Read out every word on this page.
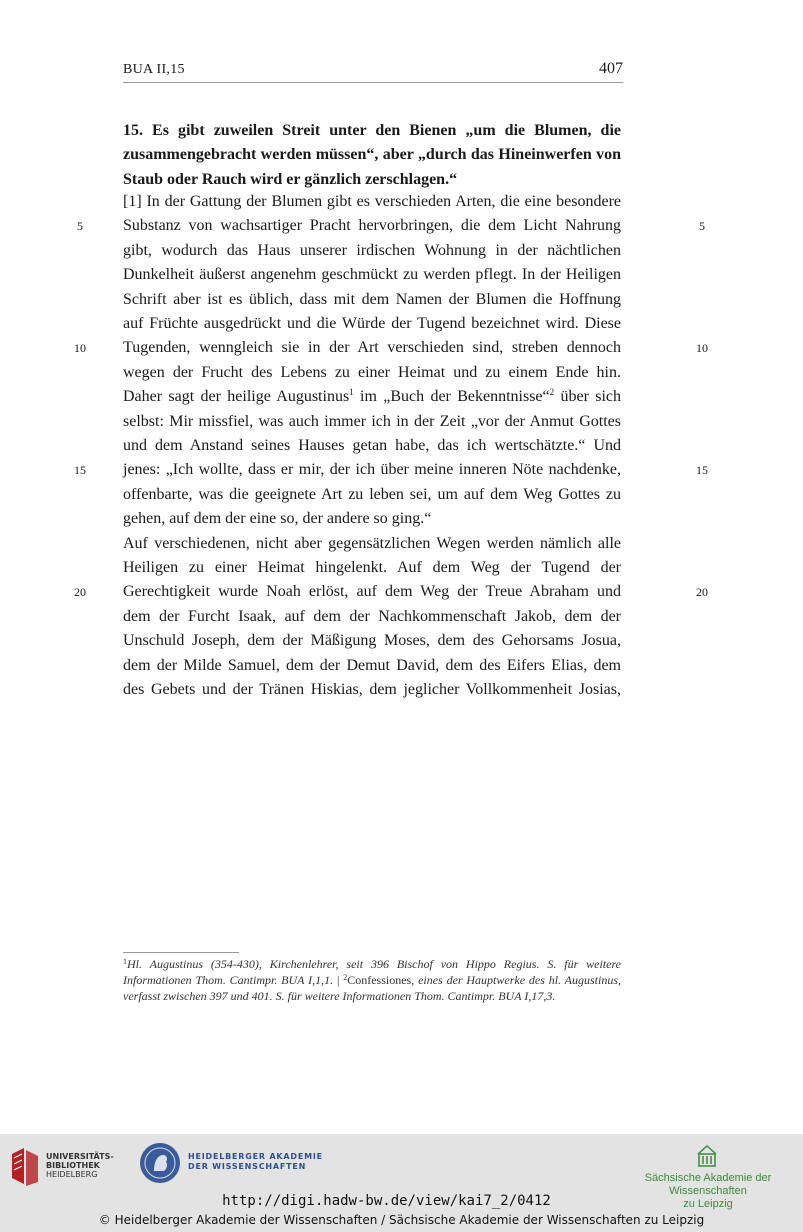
BUA II,15	407
15. Es gibt zuweilen Streit unter den Bienen „um die Blumen, die zusammengebracht werden müssen“, aber „durch das Hineinwerfen von Staub oder Rauch wird er gänzlich zerschlagen.“
[1] In der Gattung der Blumen gibt es verschieden Arten, die eine besondere
Substanz von wachsartiger Pracht hervorbringen, die dem Licht Nahrung
gibt, wodurch das Haus unserer irdischen Wohnung in der nächtlichen
Dunkelheit äußerst angenehm geschmückt zu werden pflegt. In der Heiligen
Schrift aber ist es üblich, dass mit dem Namen der Blumen die Hoffnung
auf Früchte ausgedrückt und die Würde der Tugend bezeichnet wird. Diese
Tugenden, wenngleich sie in der Art verschieden sind, streben dennoch
wegen der Frucht des Lebens zu einer Heimat und zu einem Ende hin.
Daher sagt der heilige Augustinus$^1$ im „Buch der Bekenntnisse“$^2$ über sich
selbst: Mir missfiel, was auch immer ich in der Zeit „vor der Anmut Gottes
und dem Anstand seines Hauses getan habe, das ich wertschätzte.“ Und
jenes: „Ich wollte, dass er mir, der ich über meine inneren Nöte nachdenke,
offenbarte, was die geeignete Art zu leben sei, um auf dem Weg Gottes zu
gehen, auf dem der eine so, der andere so ging.“
Auf verschiedenen, nicht aber gegensätzlichen Wegen werden nämlich alle
Heiligen zu einer Heimat hingelenkt. Auf dem Weg der Tugend der
Gerechtigkeit wurde Noah erlöst, auf dem Weg der Treue Abraham und
dem der Furcht Isaak, auf dem der Nachkommenschaft Jakob, dem der
Unschuld Joseph, dem der Mäßigung Moses, dem des Gehorsams Josua,
dem der Milde Samuel, dem der Demut David, dem des Eifers Elias, dem
des Gebets und der Tränen Hiskias, dem jeglicher Vollkommenheit Josias,
5	5
10	10
15	15
20	20
$^1$Hl. Augustinus (354-430), Kirchenlehrer, seit 396 Bischof von Hippo Regius. S. für weitere Informationen Thom. Cantimpr. BUA I,1,1. | $^2$Confessiones, eines der Hauptwerke des hl. Augustinus, verfasst zwischen 397 und 401. S. für weitere Informationen Thom. Cantimpr. BUA I,17,3.
UNIVERSITÄTS-
BIBLIOTHEK
HEIDELBERG
HEIDELBERGER AKADEMIE
DER WISSENSCHAFTEN
Sächsische Akademie der Wissenschaften
zu Leipzig
http://digi.hadw-bw.de/view/kai7_2/0412
© Heidelberger Akademie der Wissenschaften / Sächsische Akademie der Wissenschaften zu Leipzig
